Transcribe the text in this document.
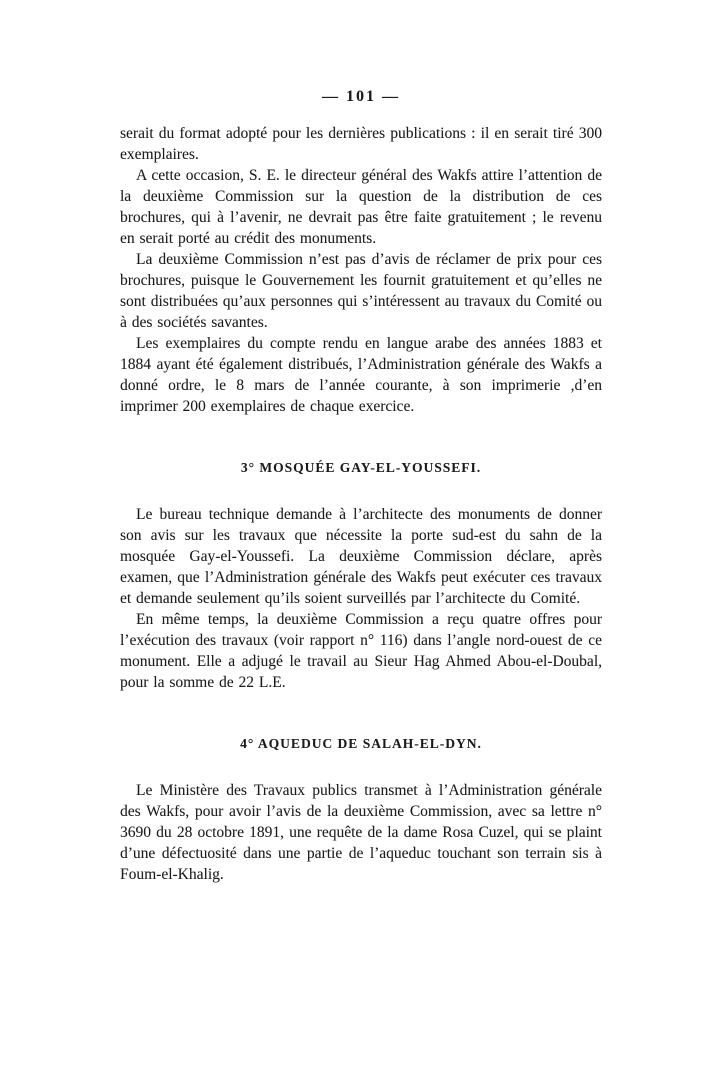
— 101 —

serait du format adopté pour les dernières publications : il en serait tiré 300 exemplaires.

A cette occasion, S. E. le directeur général des Wakfs attire l’attention de la deuxième Commission sur la question de la distribution de ces brochures, qui à l’avenir, ne devrait pas être faite gratuitement ; le revenu en serait porté au crédit des monuments.

La deuxième Commission n’est pas d’avis de réclamer de prix pour ces brochures, puisque le Gouvernement les fournit gratuitement et qu’elles ne sont distribuées qu’aux personnes qui s’intéressent au travaux du Comité ou à des sociétés savantes.

Les exemplaires du compte rendu en langue arabe des années 1883 et 1884 ayant été également distribués, l’Administration générale des Wakfs a donné ordre, le 8 mars de l’année courante, à son imprimerie ,d’en imprimer 200 exemplaires de chaque exercice.

3° MOSQUÉE GAY-EL-YOUSSEFI.

Le bureau technique demande à l’architecte des monuments de donner son avis sur les travaux que nécessite la porte sud-est du sahn de la mosquée Gay-el-Youssefi. La deuxième Commission déclare, après examen, que l’Administration générale des Wakfs peut exécuter ces travaux et demande seulement qu’ils soient surveillés par l’architecte du Comité.

En même temps, la deuxième Commission a reçu quatre offres pour l’exécution des travaux (voir rapport n° 116) dans l’angle nord-ouest de ce monument. Elle a adjugé le travail au Sieur Hag Ahmed Abou-el-Doubal, pour la somme de 22 L.E.

4° AQUEDUC DE SALAH-EL-DYN.

Le Ministère des Travaux publics transmet à l’Administration générale des Wakfs, pour avoir l’avis de la deuxième Commission, avec sa lettre n° 3690 du 28 octobre 1891, une requête de la dame Rosa Cuzel, qui se plaint d’une défectuosité dans une partie de l’aqueduc touchant son terrain sis à Foum-el-Khalig.
